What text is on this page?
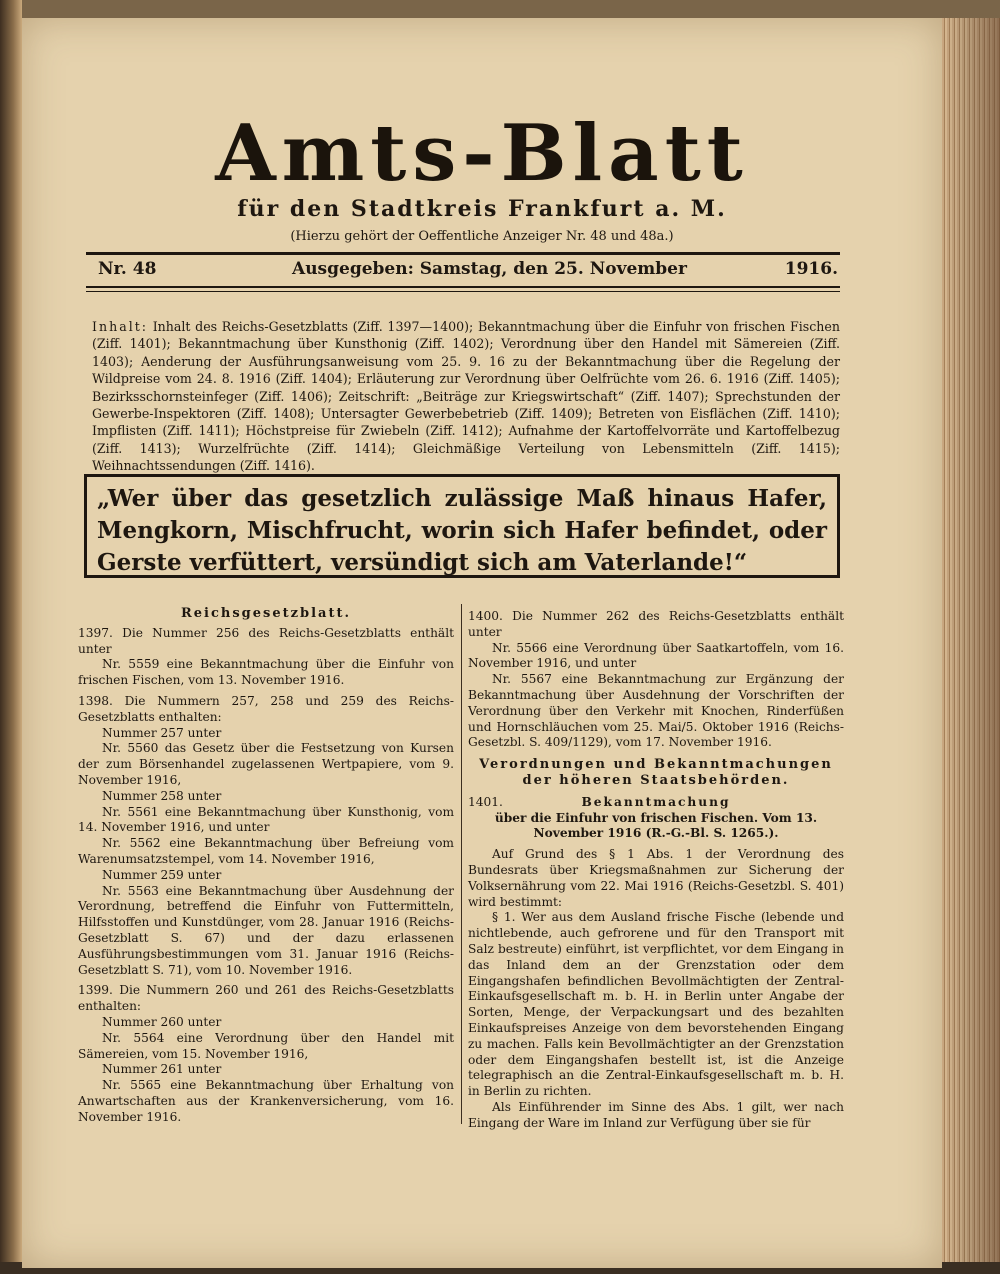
Amts-Blatt
für den Stadtkreis Frankfurt a. M.
(Hierzu gehört der Oeffentliche Anzeiger Nr. 48 und 48a.)
Nr. 48	Ausgegeben: Samstag, den 25. November	1916.
Inhalt: Inhalt des Reichs-Gesetzblatts (Ziff. 1397—1400); Bekanntmachung über die Einfuhr von frischen Fischen (Ziff. 1401); Bekanntmachung über Kunsthonig (Ziff. 1402); Verordnung über den Handel mit Sämereien (Ziff. 1403); Aenderung der Ausführungsanweisung vom 25. 9. 16 zu der Bekanntmachung über die Regelung der Wildpreise vom 24. 8. 1916 (Ziff. 1404); Erläuterung zur Verordnung über Oelfrüchte vom 26. 6. 1916 (Ziff. 1405); Bezirksschornsteinfeger (Ziff. 1406); Zeitschrift: „Beiträge zur Kriegswirtschaft“ (Ziff. 1407); Sprechstunden der Gewerbe-Inspektoren (Ziff. 1408); Untersagter Gewerbebetrieb (Ziff. 1409); Betreten von Eisflächen (Ziff. 1410); Impflisten (Ziff. 1411); Höchstpreise für Zwiebeln (Ziff. 1412); Aufnahme der Kartoffelvorräte und Kartoffelbezug (Ziff. 1413); Wurzelfrüchte (Ziff. 1414); Gleichmäßige Verteilung von Lebensmitteln (Ziff. 1415); Weihnachtssendungen (Ziff. 1416).
„Wer über das gesetzlich zulässige Maß hinaus Hafer, Mengkorn, Mischfrucht, worin sich Hafer befindet, oder Gerste verfüttert, versündigt sich am Vaterlande!“

Reichsgesetzblatt.

1397. Die Nummer 256 des Reichs-Gesetzblatts enthält unter

Nr. 5559 eine Bekanntmachung über die Einfuhr von frischen Fischen, vom 13. November 1916.

1398. Die Nummern 257, 258 und 259 des Reichs-Gesetzblatts enthalten:

Nummer 257 unter

Nr. 5560 das Gesetz über die Festsetzung von Kursen der zum Börsenhandel zugelassenen Wertpapiere, vom 9. November 1916,

Nummer 258 unter

Nr. 5561 eine Bekanntmachung über Kunsthonig, vom 14. November 1916, und unter

Nr. 5562 eine Bekanntmachung über Befreiung vom Warenumsatzstempel, vom 14. November 1916,

Nummer 259 unter

Nr. 5563 eine Bekanntmachung über Ausdehnung der Verordnung, betreffend die Einfuhr von Futtermitteln, Hilfsstoffen und Kunstdünger, vom 28. Januar 1916 (Reichs-Gesetzblatt S. 67) und der dazu erlassenen Ausführungsbestimmungen vom 31. Januar 1916 (Reichs-Gesetzblatt S. 71), vom 10. November 1916.

1399. Die Nummern 260 und 261 des Reichs-Gesetzblatts enthalten:

Nummer 260 unter

Nr. 5564 eine Verordnung über den Handel mit Sämereien, vom 15. November 1916,

Nummer 261 unter

Nr. 5565 eine Bekanntmachung über Erhaltung von Anwartschaften aus der Krankenversicherung, vom 16. November 1916.

1400. Die Nummer 262 des Reichs-Gesetzblatts enthält unter

Nr. 5566 eine Verordnung über Saatkartoffeln, vom 16. November 1916, und unter

Nr. 5567 eine Bekanntmachung zur Ergänzung der Bekanntmachung über Ausdehnung der Vorschriften der Verordnung über den Verkehr mit Knochen, Rinderfüßen und Hornschläuchen vom 25. Mai/5. Oktober 1916 (Reichs-Gesetzbl. S. 409/1129), vom 17. November 1916.

Verordnungen und Bekanntmachungen der höheren Staatsbehörden.

1401.	Bekanntmachung

über die Einfuhr von frischen Fischen. Vom 13. November 1916 (R.-G.-Bl. S. 1265.).

Auf Grund des § 1 Abs. 1 der Verordnung des Bundesrats über Kriegsmaßnahmen zur Sicherung der Volksernährung vom 22. Mai 1916 (Reichs-Gesetzbl. S. 401) wird bestimmt:

§ 1. Wer aus dem Ausland frische Fische (lebende und nichtlebende, auch gefrorene und für den Transport mit Salz bestreute) einführt, ist verpflichtet, vor dem Eingang in das Inland dem an der Grenzstation oder dem Eingangshafen befindlichen Bevollmächtigten der Zentral-Einkaufsgesellschaft m. b. H. in Berlin unter Angabe der Sorten, Menge, der Verpackungsart und des bezahlten Einkaufspreises Anzeige von dem bevorstehenden Eingang zu machen. Falls kein Bevollmächtigter an der Grenzstation oder dem Eingangshafen bestellt ist, ist die Anzeige telegraphisch an die Zentral-Einkaufsgesellschaft m. b. H. in Berlin zu richten.

Als Einführender im Sinne des Abs. 1 gilt, wer nach Eingang der Ware im Inland zur Verfügung über sie für
